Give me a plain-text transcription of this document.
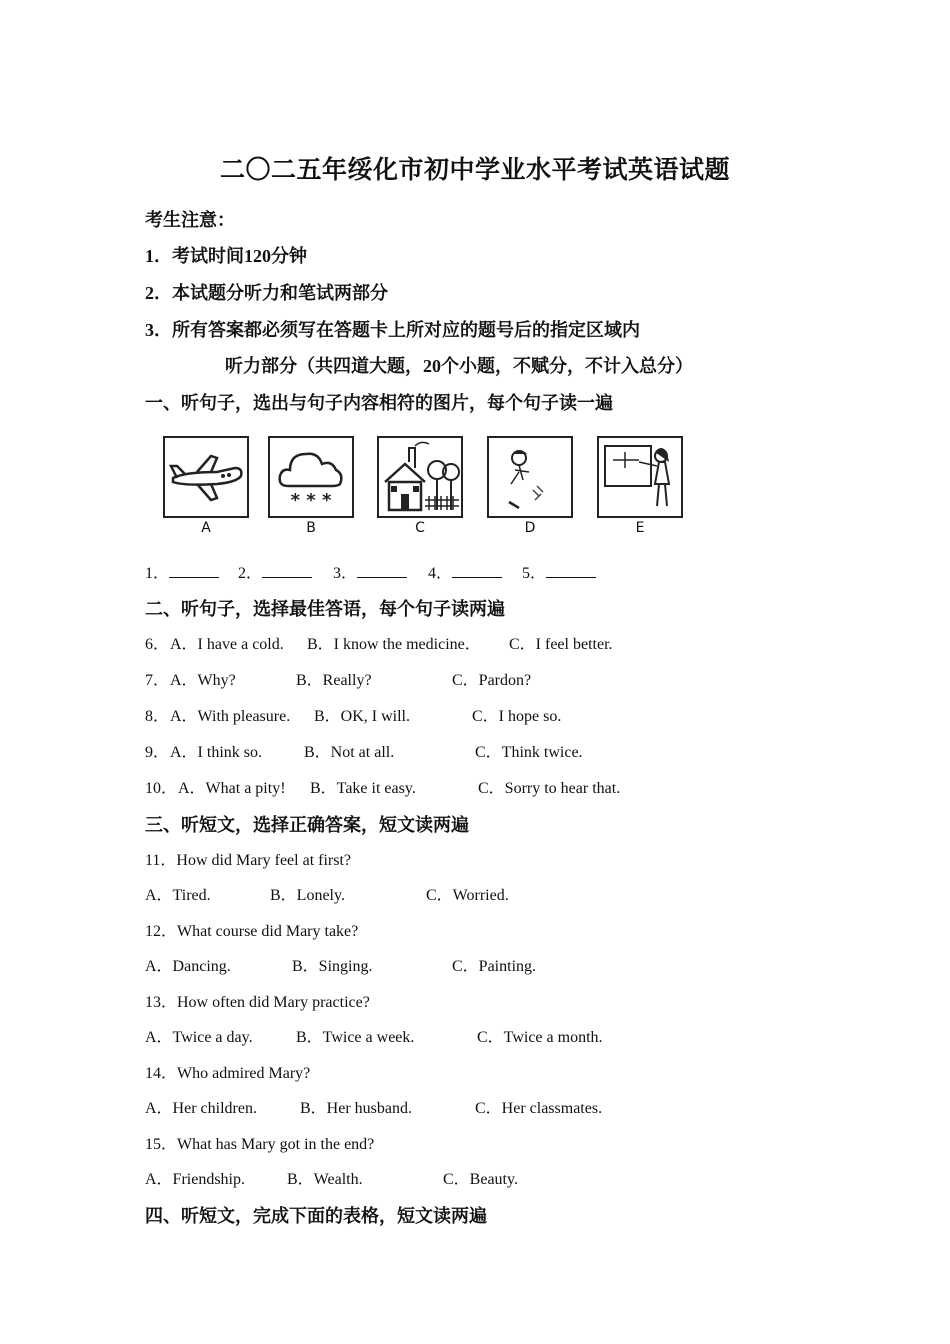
二〇二五年绥化市初中学业水平考试英语试题
考生注意：
1．考试时间120分钟
2．本试题分听力和笔试两部分
3．所有答案都必须写在答题卡上所对应的题号后的指定区域内
听力部分（共四道大题，20个小题，不赋分，不计入总分）
一、听句子，选出与句子内容相符的图片，每个句子读一遍
* * *
A	B	C	D	E
1．	2．	3．	4．	5．
二、听句子，选择最佳答语，每个句子读两遍
6． A．I have a cold. B．I know the medicine． C．I feel better.
7． A．Why?	B．Really?	C．Pardon?
8． A．With pleasure. B．OK, I will.	C．I hope so.
9． A．I think so.	B．Not at all.	C．Think twice.
10． A．What a pity! B．Take it easy.	C．Sorry to hear that.
三、听短文，选择正确答案，短文读两遍
11．How did Mary feel at first?
A．Tired.	B．Lonely.	C．Worried.
12．What course did Mary take?
A．Dancing.	B．Singing.	C．Painting.
13．How often did Mary practice?
A．Twice a day.	B．Twice a week.	C．Twice a month.
14．Who admired Mary?
A．Her children.	B．Her husband.	C．Her classmates.
15．What has Mary got in the end?
A．Friendship.	B．Wealth.	C．Beauty.
四、听短文，完成下面的表格，短文读两遍
